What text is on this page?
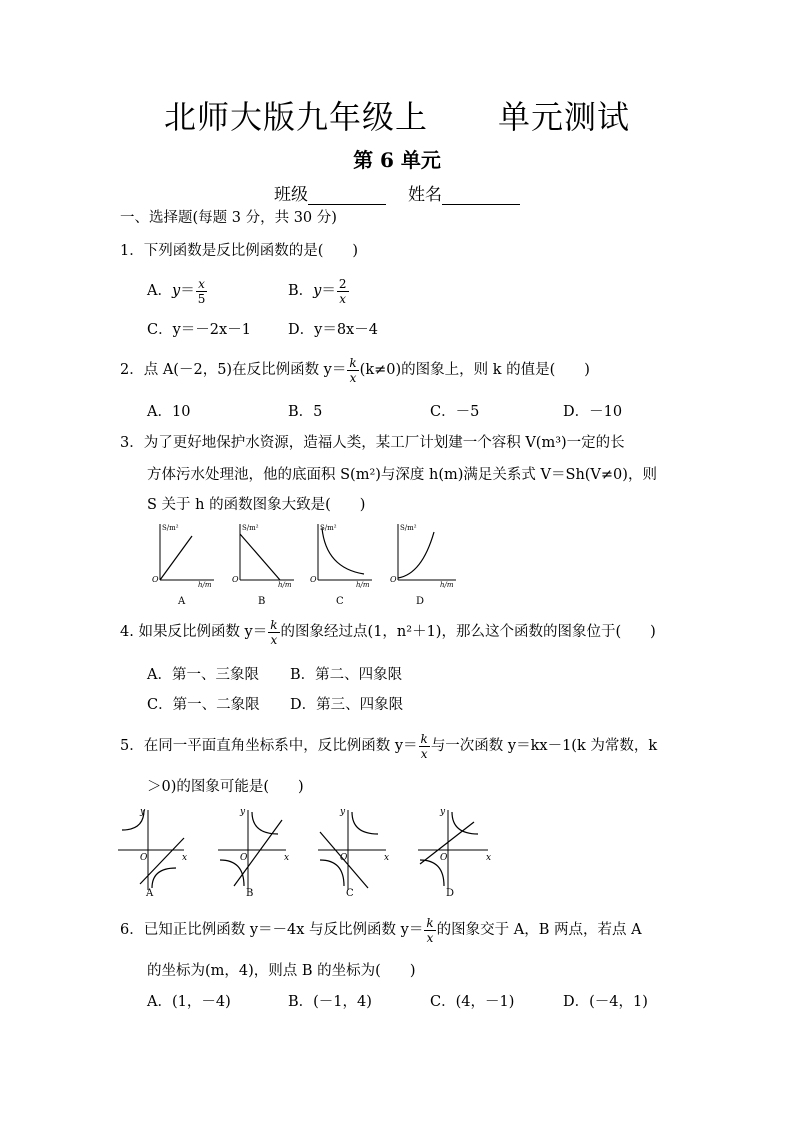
北师大版九年级上 单元测试
第 6 单元
班级	姓名
一、选择题(每题 3 分，共 30 分)
1．下列函数是反比例函数的是(　　)
A．$y= \frac{x}{5}$	B．$y= \frac{2}{x}$
C．y＝－2x－1	D．y＝8x－4
2．点 A(－2，5)在反比例函数 $y= \frac{k}{x} (k\ne 0)$的图象上，则 k 的值是(　　)
A．10	B．5	C．－5	D．－10
3．为了更好地保护水资源，造福人类，某工厂计划建一个容积 V(m³)一定的长
方体污水处理池，他的底面积 S(m²)与深度 h(m)满足关系式 V＝Sh(V≠0)，则
S 关于 h 的函数图象大致是(　　)
S/m²
h/m
O
A
S/m²
h/m
O
B
S/m²
h/m
O
C
S/m²
h/m
O
D
4. 如果反比例函数 $y= \frac{k}{x}$ 的图象经过点(1，n²＋1)，那么这个函数的图象位于(　　)
A．第一、三象限 B．第二、四象限
C．第一、二象限 D．第三、四象限
5．在同一平面直角坐标系中，反比例函数 $y= \frac{k}{x}$ 与一次函数 y＝kx－1(k 为常数，k
＞0)的图象可能是(　　)
y
x
O
A
y
x
O
B
y
x
O
C
y
x
O
D
6．已知正比例函数 y＝－4x 与反比例函数 $y= \frac{k}{x}$ 的图象交于 A，B 两点，若点 A
的坐标为(m，4)，则点 B 的坐标为(　　)
A．(1，－4)	B．(－1，4)	C．(4，－1)	D．(－4，1)
